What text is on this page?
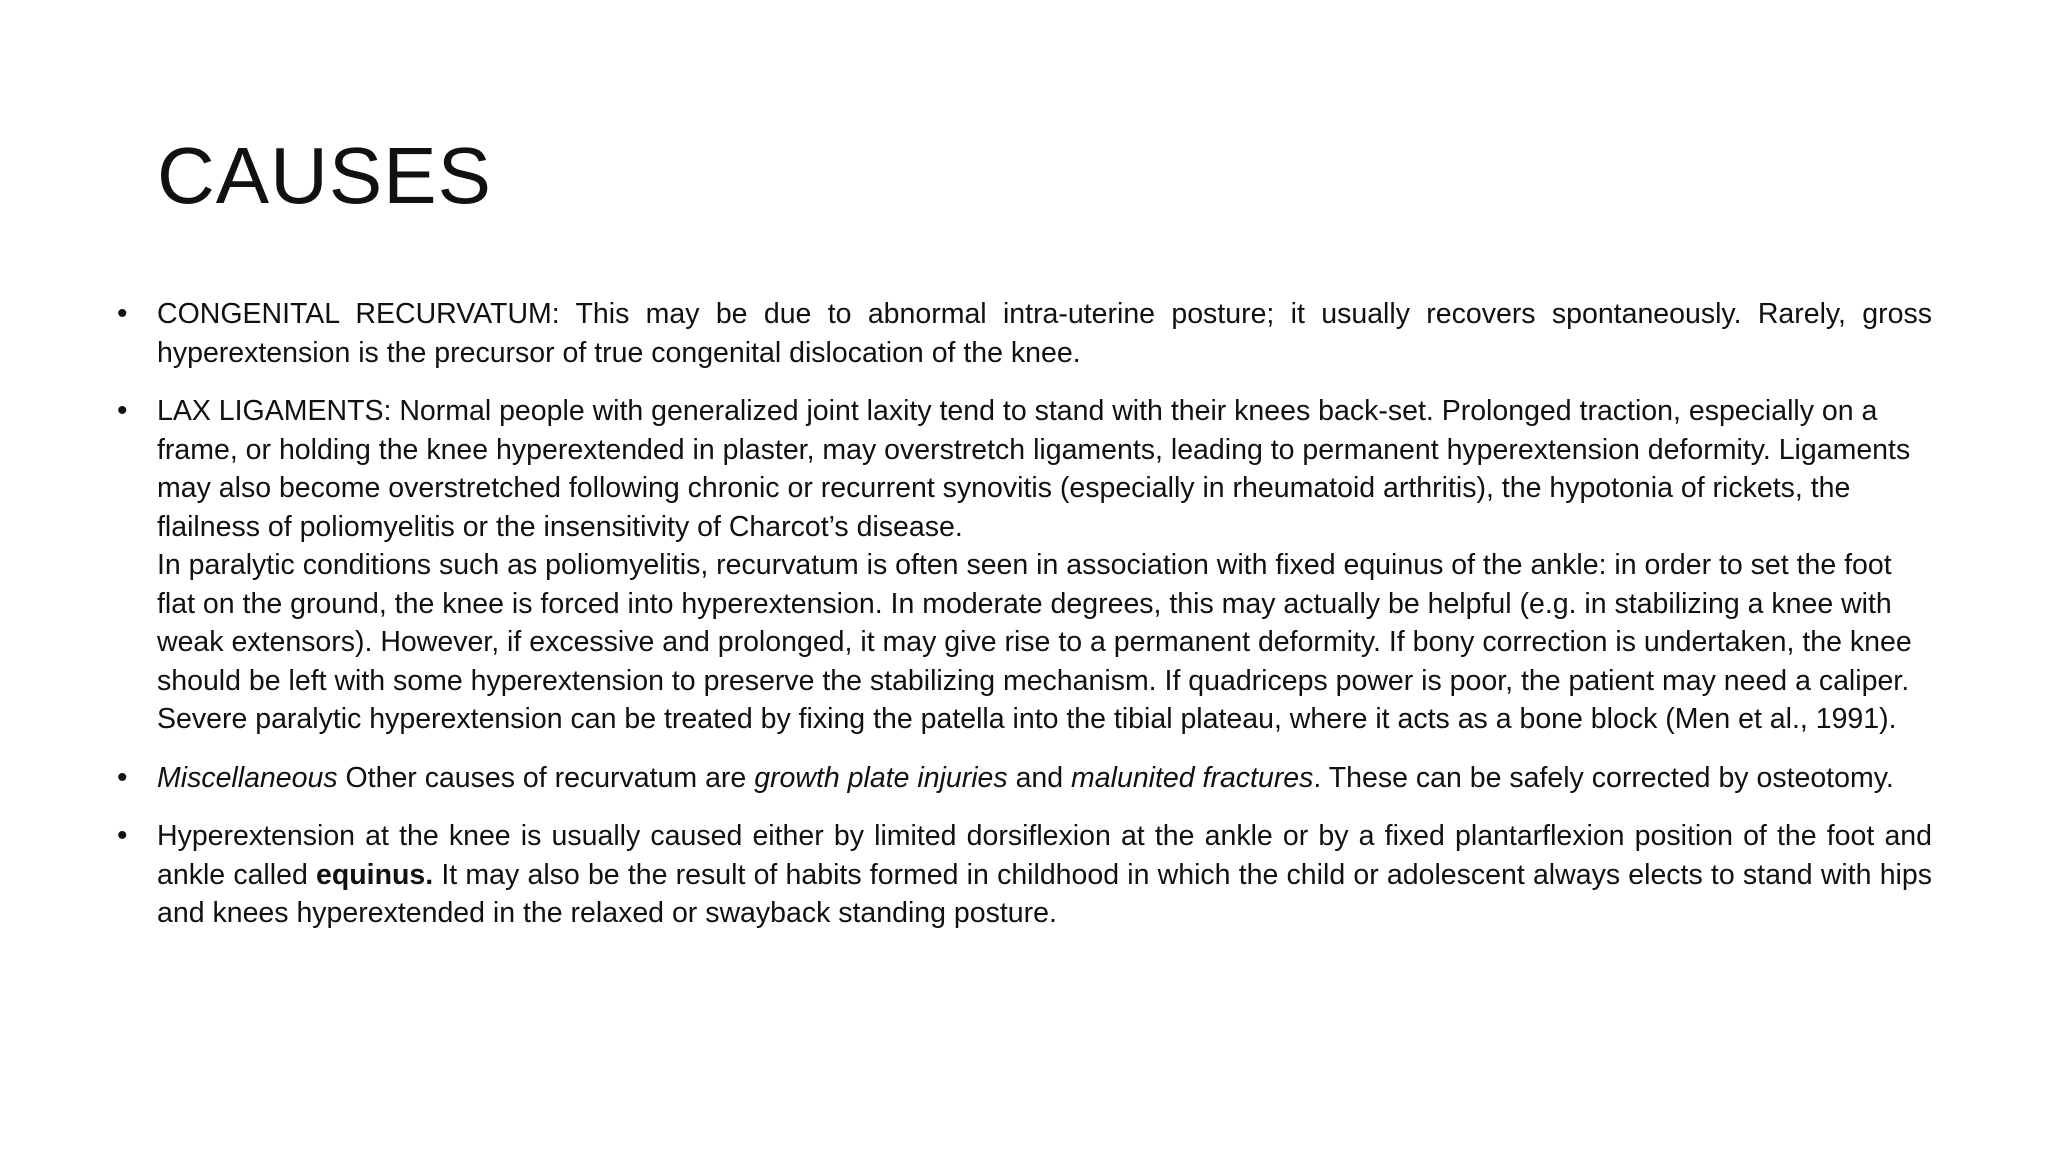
CAUSES
•	CONGENITAL RECURVATUM: This may be due to abnormal intra-uterine posture; it usually recovers spontaneously. Rarely, gross hyperextension is the precursor of true congenital dislocation of the knee.

•	LAX LIGAMENTS: Normal people with generalized joint laxity tend to stand with their knees back-set. Prolonged traction, especially on a frame, or holding the knee hyperextended in plaster, may overstretch ligaments, leading to permanent hyperextension deformity. Ligaments may also become overstretched following chronic or recurrent synovitis (especially in rheumatoid arthritis), the hypotonia of rickets, the flailness of poliomyelitis or the insensitivity of Charcot’s disease.

In paralytic conditions such as poliomyelitis, recurvatum is often seen in association with fixed equinus of the ankle: in order to set the foot flat on the ground, the knee is forced into hyperextension. In moderate degrees, this may actually be helpful (e.g. in stabilizing a knee with weak extensors). However, if excessive and prolonged, it may give rise to a permanent deformity. If bony correction is undertaken, the knee should be left with some hyperextension to preserve the stabilizing mechanism. If quadriceps power is poor, the patient may need a caliper. Severe paralytic hyperextension can be treated by fixing the patella into the tibial plateau, where it acts as a bone block (Men et al., 1991).

•	Miscellaneous Other causes of recurvatum are growth plate injuries and malunited fractures. These can be safely corrected by osteotomy.

•	Hyperextension at the knee is usually caused either by limited dorsiflexion at the ankle or by a fixed plantarflexion position of the foot and ankle called equinus. It may also be the result of habits formed in childhood in which the child or adolescent always elects to stand with hips and knees hyperextended in the relaxed or swayback standing posture.
